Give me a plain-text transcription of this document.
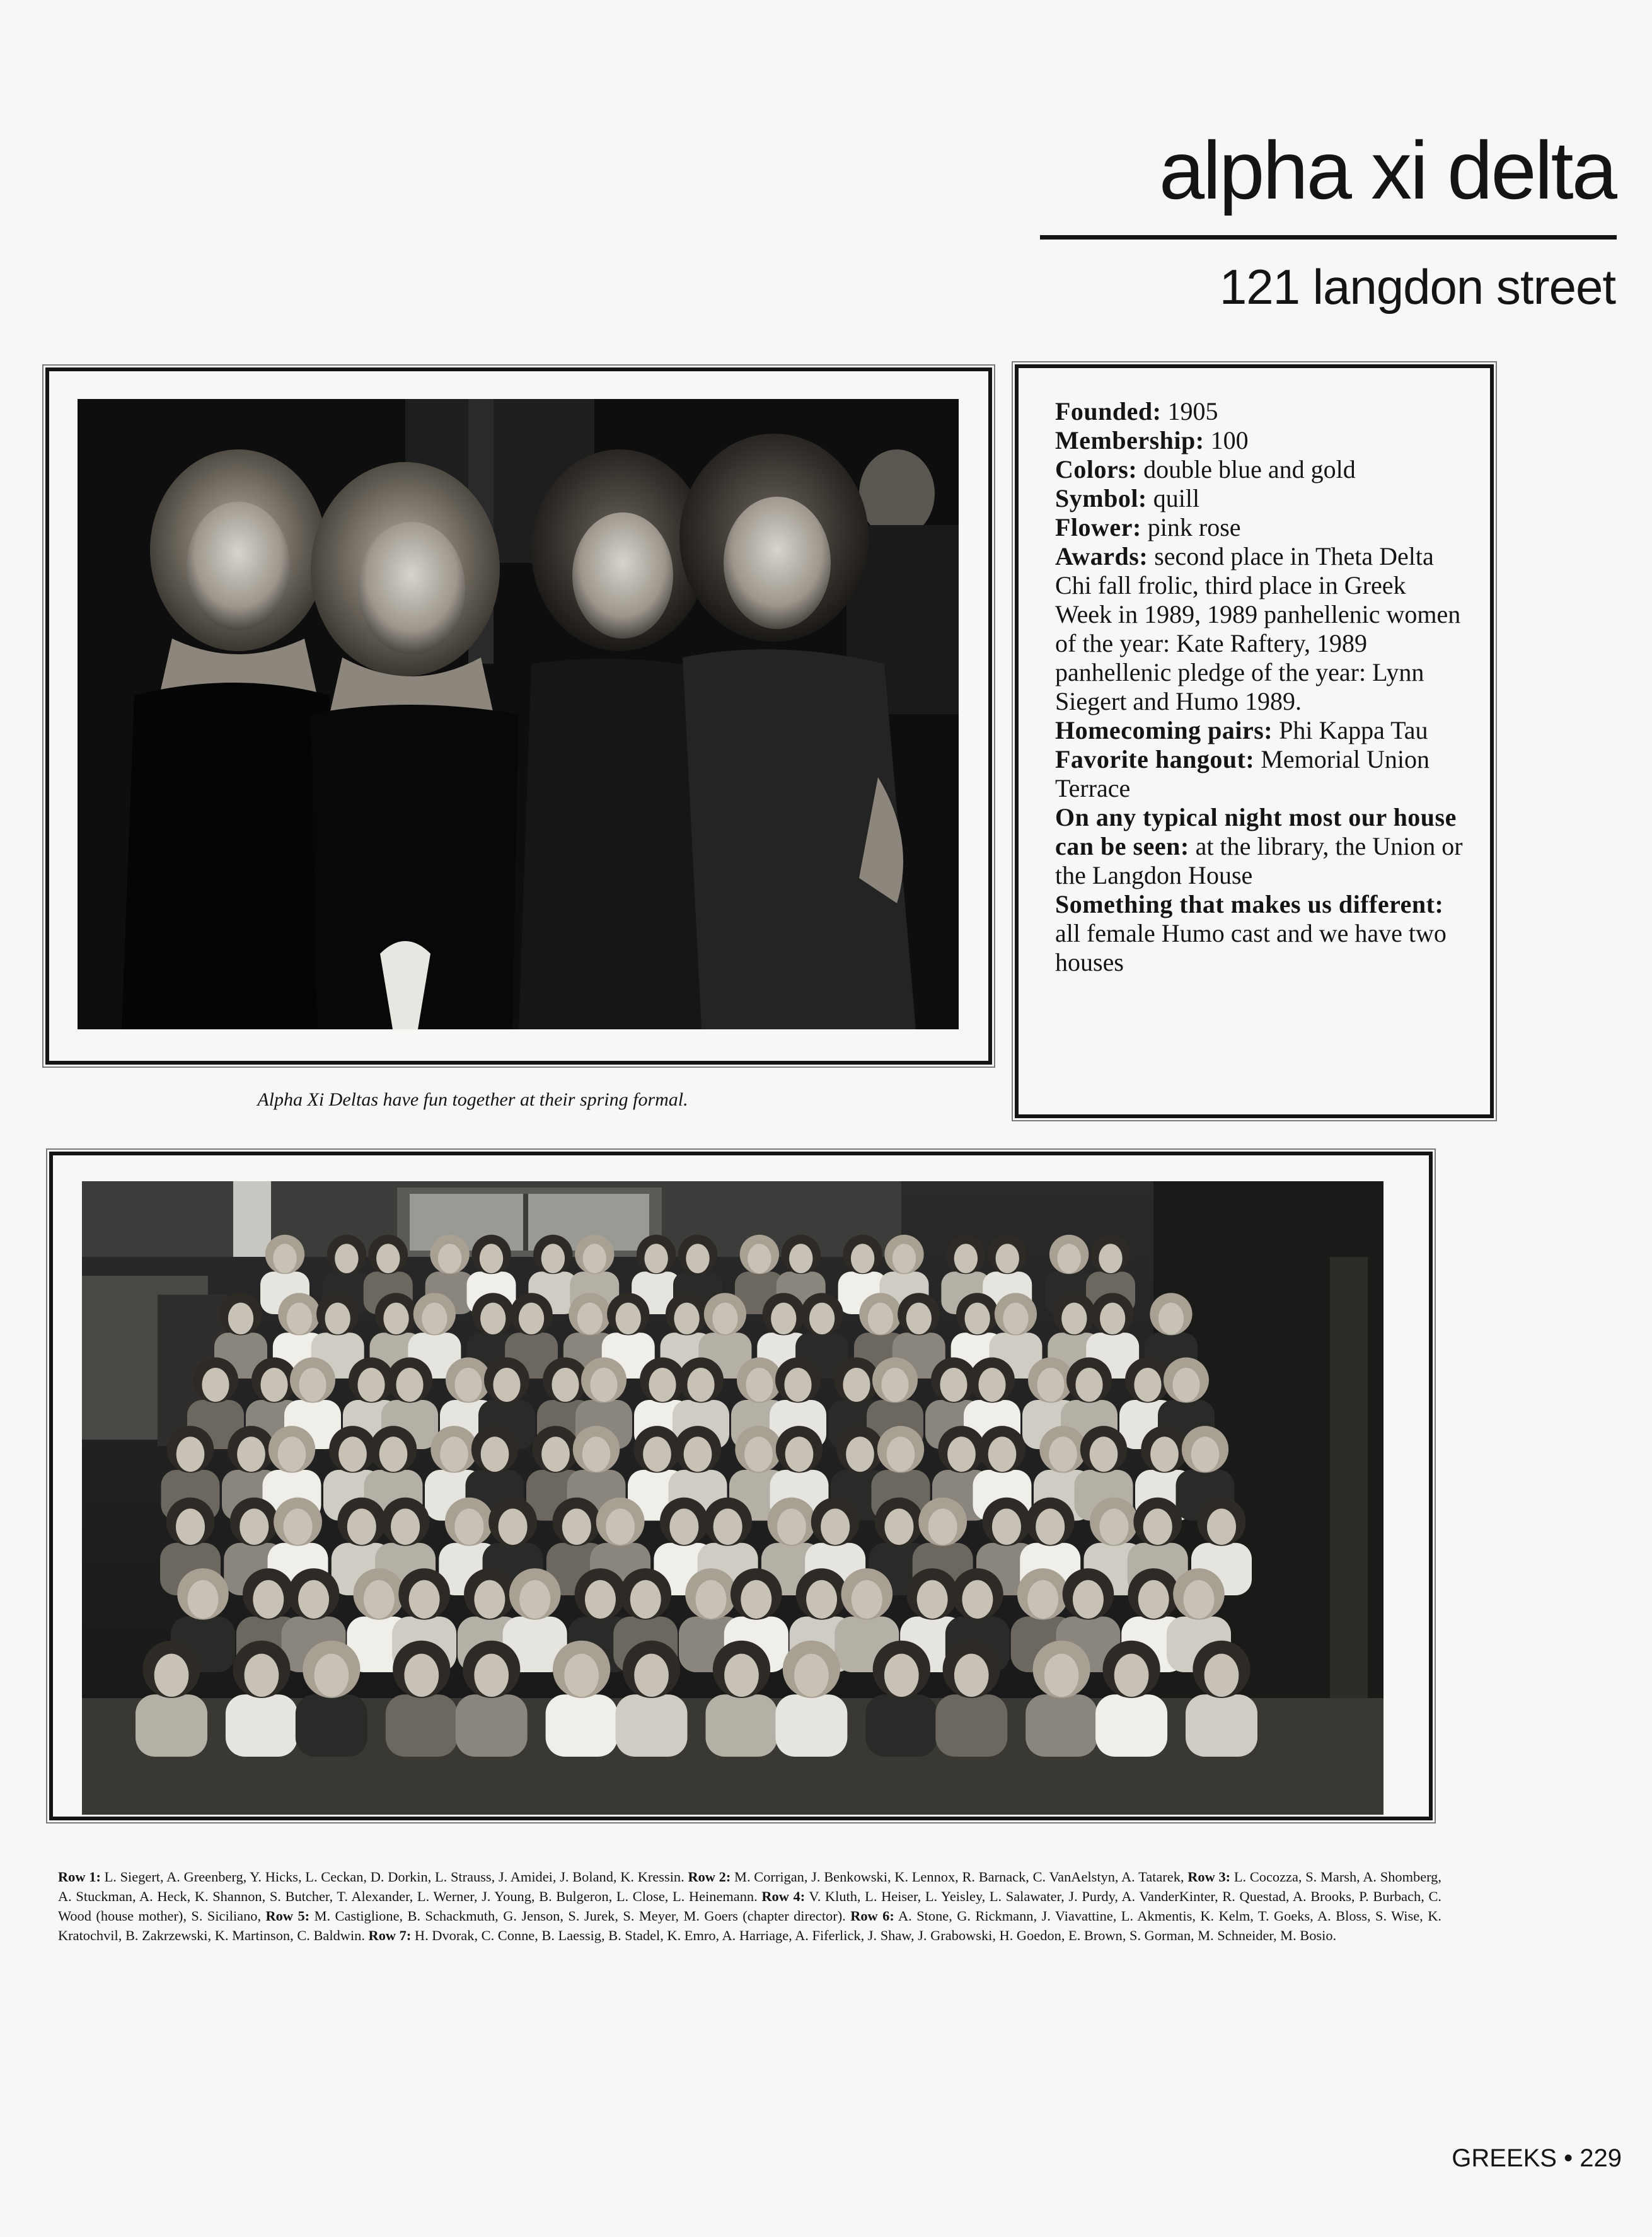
alpha xi delta
121 langdon street
Alpha Xi Deltas have fun together at their spring formal.

Founded: 1905

Membership: 100

Colors: double blue and gold

Symbol: quill

Flower: pink rose

Awards: second place in Theta Delta Chi fall frolic, third place in Greek Week in 1989, 1989 panhellenic women of the year: Kate Raftery, 1989 panhellenic pledge of the year: Lynn Siegert and Humo 1989.

Homecoming pairs: Phi Kappa Tau

Favorite hangout: Memorial Union Terrace

On any typical night most our house can be seen: at the library, the Union or the Langdon House

Something that makes us different: all female Humo cast and we have two houses

Row 1: L. Siegert, A. Greenberg, Y. Hicks, L. Ceckan, D. Dorkin, L. Strauss, J. Amidei, J. Boland, K. Kressin. Row 2: M. Corrigan, J. Benkowski, K. Lennox, R. Barnack, C. VanAelstyn, A. Tatarek, Row 3: L. Cocozza, S. Marsh, A. Shomberg, A. Stuckman, A. Heck, K. Shannon, S. Butcher, T. Alexander, L. Werner, J. Young, B. Bulgeron, L. Close, L. Heinemann. Row 4: V. Kluth, L. Heiser, L. Yeisley, L. Salawater, J. Purdy, A. VanderKinter, R. Questad, A. Brooks, P. Burbach, C. Wood (house mother), S. Siciliano, Row 5: M. Castiglione, B. Schackmuth, G. Jenson, S. Jurek, S. Meyer, M. Goers (chapter director). Row 6: A. Stone, G. Rickmann, J. Viavattine, L. Akmentis, K. Kelm, T. Goeks, A. Bloss, S. Wise, K. Kratochvil, B. Zakrzewski, K. Martinson, C. Baldwin. Row 7: H. Dvorak, C. Conne, B. Laessig, B. Stadel, K. Emro, A. Harriage, A. Fiferlick, J. Shaw, J. Grabowski, H. Goedon, E. Brown, S. Gorman, M. Schneider, M. Bosio.
GREEKS • 229
